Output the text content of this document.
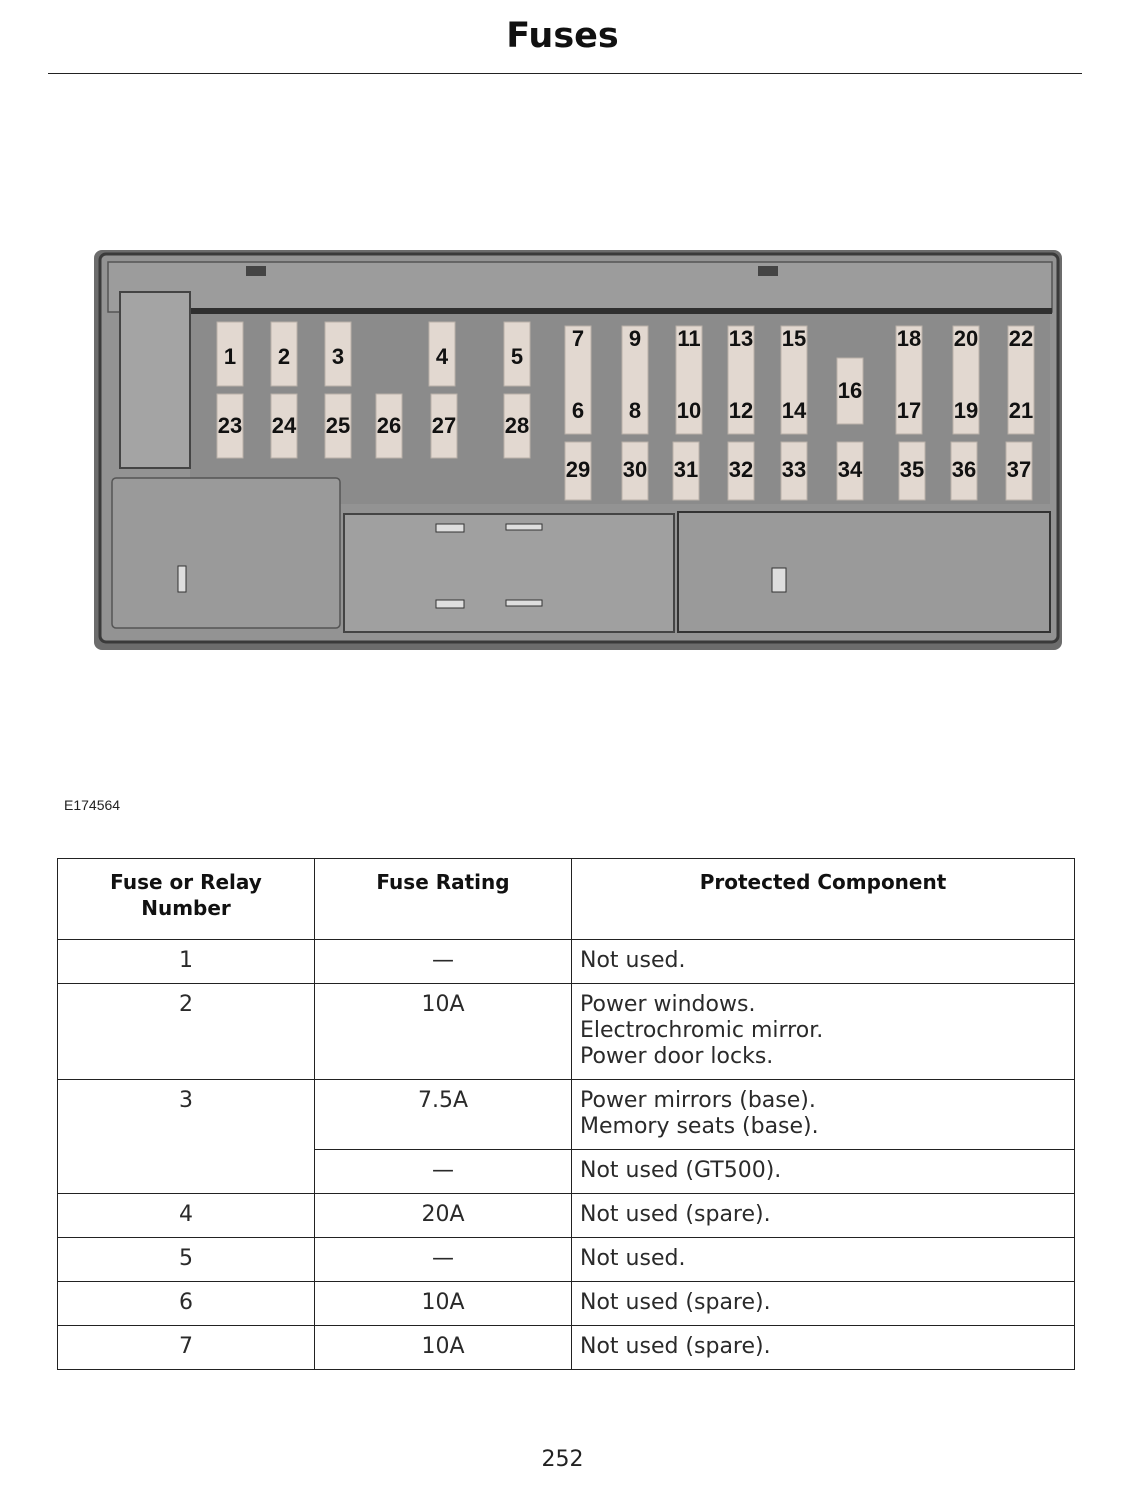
Fuses
1 2 3	4	5
23 24 25 26 27 28
7
6
9
8
11
10
13
12
15
14
18
17
20
19
22
21
16
29 30 31 32 33 34 35 36 37
E174564
Fuse or Relay Number	Fuse Rating	Protected Component
1	—	Not used.

2	10A	Power windows.
Electrochromic mirror.
Power door locks.

3	7.5A	Power mirrors (base).
Memory seats (base).

	—	Not used (GT500).

4	20A	Not used (spare).

5	—	Not used.

6	10A	Not used (spare).

7	10A	Not used (spare).
252
